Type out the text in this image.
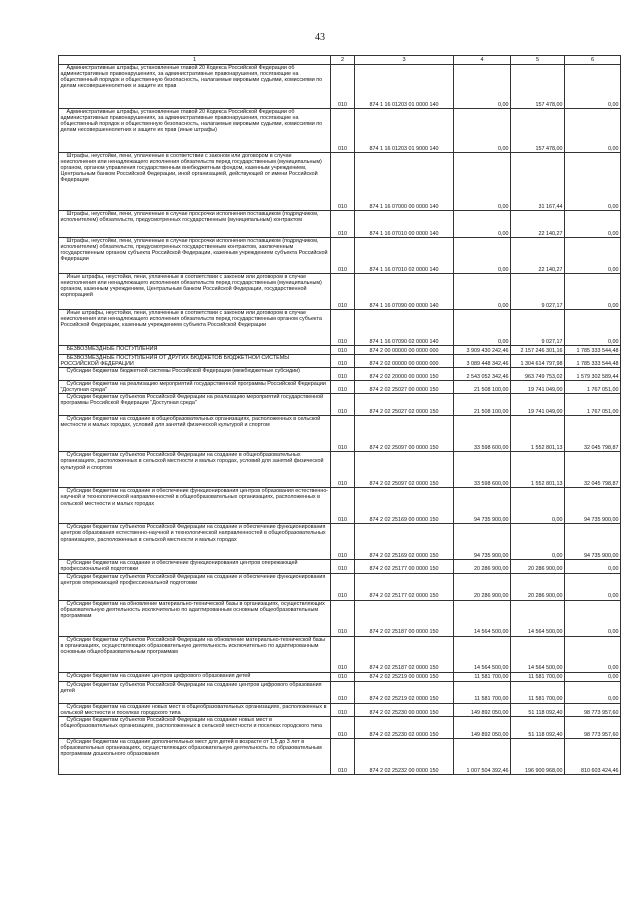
43
1	2	3	4	5	6
Административные штрафы, установленные главой 20 Кодекса Российской Федерации об административных правонарушениях, за административные правонарушения, посягающие на общественный порядок и общественную безопасность, налагаемые мировыми судьями, комиссиями по делам несовершеннолетних и защите их прав	010	874 1 16 01203 01 0000 140	0,00	157 478,00	0,00
Административные штрафы, установленные главой 20 Кодекса Российской Федерации об административных правонарушениях, за административные правонарушения, посягающие на общественный порядок и общественную безопасность, налагаемые мировыми судьями, комиссиями по делам несовершеннолетних и защите их прав (иные штрафы)	010	874 1 16 01203 01 9000 140	0,00	157 478,00	0,00
Штрафы, неустойки, пени, уплаченные в соответствии с законом или договором в случае неисполнения или ненадлежащего исполнения обязательств перед государственным (муниципальным) органом, органом управления государственным внебюджетным фондом, казенным учреждением, Центральным банком Российской Федерации, иной организацией, действующей от имени Российской Федерации	010	874 1 16 07000 00 0000 140	0,00	31 167,44	0,00
Штрафы, неустойки, пени, уплаченные в случае просрочки исполнения поставщиком (подрядчиком, исполнителем) обязательств, предусмотренных государственным (муниципальным) контрактом	010	874 1 16 07010 00 0000 140	0,00	22 140,27	0,00
Штрафы, неустойки, пени, уплаченные в случае просрочки исполнения поставщиком (подрядчиком, исполнителем) обязательств, предусмотренных государственным контрактом, заключенным государственным органом субъекта Российской Федерации, казенным учреждением субъекта Российской Федерации	010	874 1 16 07010 02 0000 140	0,00	22 140,27	0,00
Иные штрафы, неустойки, пени, уплаченные в соответствии с законом или договором в случае неисполнения или ненадлежащего исполнения обязательств перед государственным (муниципальным) органом, казенным учреждением, Центральным банком Российской Федерации, государственной корпорацией	010	874 1 16 07090 00 0000 140	0,00	9 027,17	0,00
Иные штрафы, неустойки, пени, уплаченные в соответствии с законом или договором в случае неисполнения или ненадлежащего исполнения обязательств перед государственным органом субъекта Российской Федерации, казенным учреждением субъекта Российской Федерации	010	874 1 16 07090 02 0000 140	0,00	9 027,17	0,00
БЕЗВОЗМЕЗДНЫЕ ПОСТУПЛЕНИЯ	010	874 2 00 00000 00 0000 000	3 909 430 242,46	2 157 246 301,16	1 785 333 544,48
БЕЗВОЗМЕЗДНЫЕ ПОСТУПЛЕНИЯ ОТ ДРУГИХ БЮДЖЕТОВ БЮДЖЕТНОЙ СИСТЕМЫ РОССИЙСКОЙ ФЕДЕРАЦИИ	010	874 2 02 00000 00 0000 000	3 089 448 342,46	1 304 614 797,98	1 785 333 544,48
Субсидии бюджетам бюджетной системы Российской Федерации (межбюджетные субсидии)	010	874 2 02 20000 00 0000 150	2 543 052 342,46	963 749 753,02	1 579 302 589,44
Субсидии бюджетам на реализацию мероприятий государственной программы Российской Федерации "Доступная среда"	010	874 2 02 25027 00 0000 150	21 508 100,00	19 741 049,00	1 767 051,00
Субсидии бюджетам субъектов Российской Федерации на реализацию мероприятий государственной программы Российской Федерации "Доступная среда"	010	874 2 02 25027 02 0000 150	21 508 100,00	19 741 049,00	1 767 051,00
Субсидии бюджетам на создание в общеобразовательных организациях, расположенных в сельской местности и малых городах, условий для занятий физической культурой и спортом	010	874 2 02 25097 00 0000 150	33 598 600,00	1 552 801,13	32 045 798,87
Субсидии бюджетам субъектов Российской Федерации на создание в общеобразовательных организациях, расположенных в сельской местности и малых городах, условий для занятий физической культурой и спортом	010	874 2 02 25097 02 0000 150	33 598 600,00	1 552 801,13	32 045 798,87
Субсидии бюджетам на создание и обеспечение функционирования центров образования естественно-научной и технологической направленностей в общеобразовательных организациях, расположенных в сельской местности и малых городах	010	874 2 02 25169 00 0000 150	94 735 900,00	0,00	94 735 900,00
Субсидии бюджетам субъектов Российской Федерации на создание и обеспечение функционирования центров образования естественно-научной и технологической направленностей в общеобразовательных организациях, расположенных в сельской местности и малых городах	010	874 2 02 25169 02 0000 150	94 735 900,00	0,00	94 735 900,00
Субсидии бюджетам на создание и обеспечение функционирования центров опережающей профессиональной подготовки	010	874 2 02 25177 00 0000 150	20 286 900,00	20 286 900,00	0,00
Субсидии бюджетам субъектов Российской Федерации на создание и обеспечение функционирования центров опережающей профессиональной подготовки	010	874 2 02 25177 02 0000 150	20 286 900,00	20 286 900,00	0,00
Субсидии бюджетам на обновление материально-технической базы в организациях, осуществляющих образовательную деятельность исключительно по адаптированным основным общеобразовательным программам	010	874 2 02 25187 00 0000 150	14 564 500,00	14 564 500,00	0,00
Субсидии бюджетам субъектов Российской Федерации на обновление материально-технической базы в организациях, осуществляющих образовательную деятельность исключительно по адаптированным основным общеобразовательным программам	010	874 2 02 25187 02 0000 150	14 564 500,00	14 564 500,00	0,00
Субсидии бюджетам на создание центров цифрового образования детей	010	874 2 02 25219 00 0000 150	11 581 700,00	11 581 700,00	0,00
Субсидии бюджетам субъектов Российской Федерации на создание центров цифрового образования детей	010	874 2 02 25219 02 0000 150	11 581 700,00	11 581 700,00	0,00
Субсидии бюджетам на создание новых мест в общеобразовательных организациях, расположенных в сельской местности и поселках городского типа	010	874 2 02 25230 00 0000 150	149 892 050,00	51 118 092,40	98 773 957,60
Субсидии бюджетам субъектов Российской Федерации на создание новых мест в общеобразовательных организациях, расположенных в сельской местности и поселках городского типа	010	874 2 02 25230 02 0000 150	149 892 050,00	51 118 092,40	98 773 957,60
Субсидии бюджетам на создание дополнительных мест для детей в возрасте от 1,5 до 3 лет в образовательных организациях, осуществляющих образовательную деятельность по образовательным программам дошкольного образования	010	874 2 02 25232 00 0000 150	1 007 504 392,46	196 900 968,00	810 603 424,46
